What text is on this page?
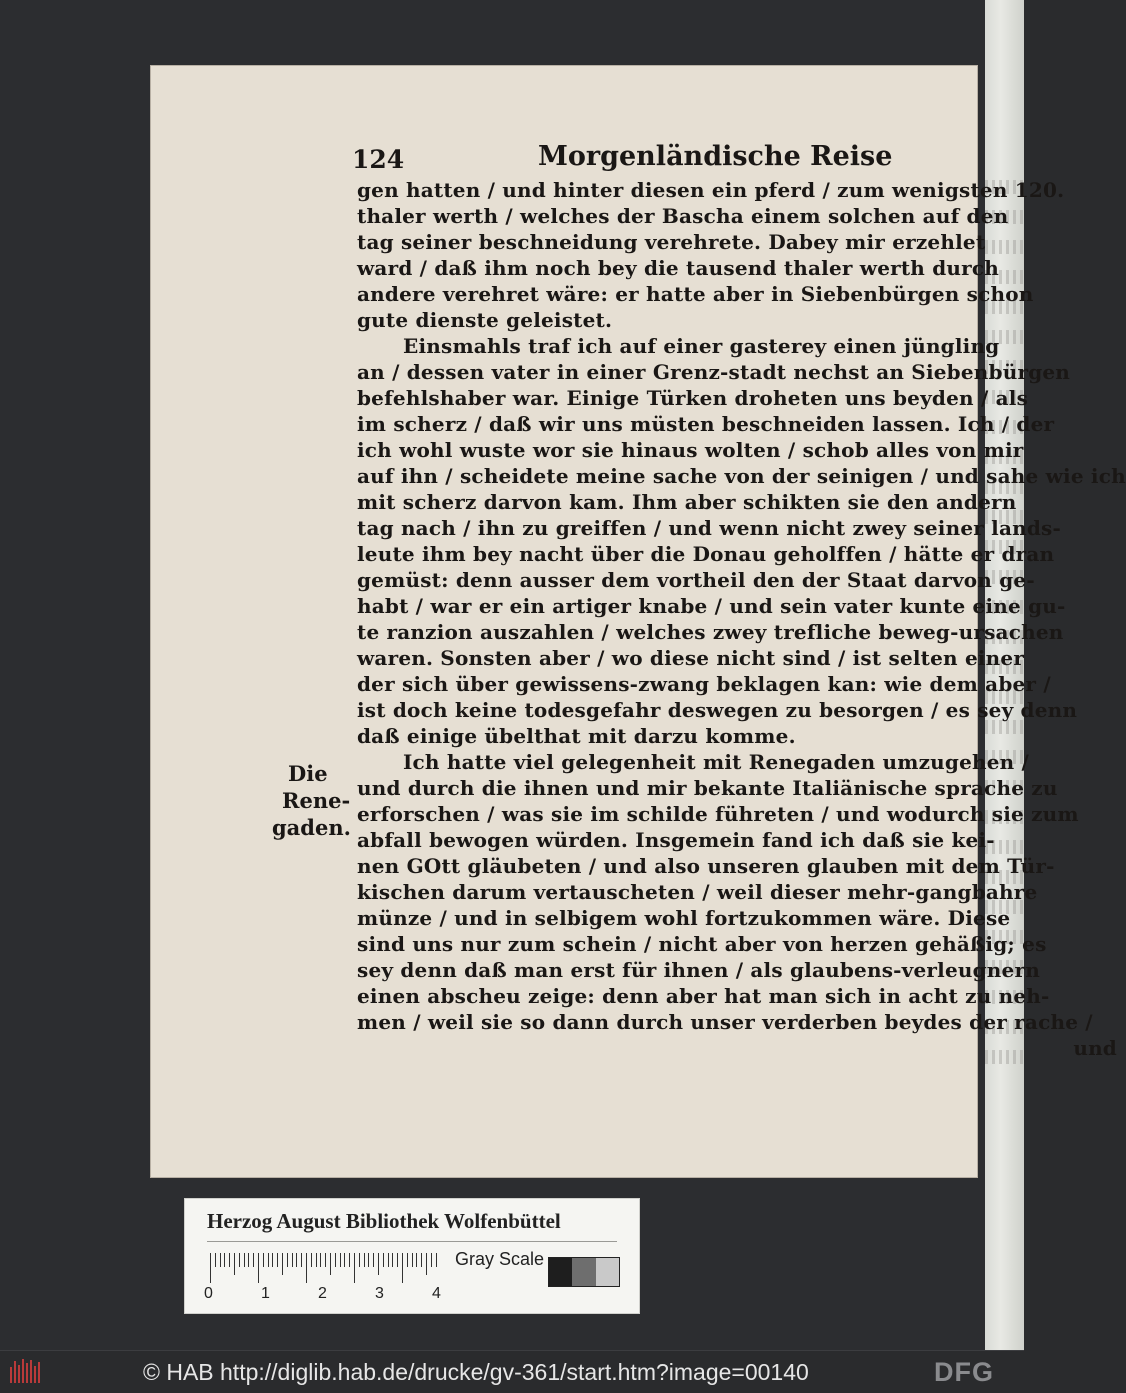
124	Morgenländische Reise
gen hatten / und hinter diesen ein pferd / zum wenigsten 120.
thaler werth / welches der Bascha einem solchen auf den
tag seiner beschneidung verehrete. Dabey mir erzehlet
ward / daß ihm noch bey die tausend thaler werth durch
andere verehret wäre: er hatte aber in Siebenbürgen schon
gute dienste geleistet.
Einsmahls traf ich auf einer gasterey einen jüngling
an / dessen vater in einer Grenz-stadt nechst an Siebenbürgen
befehlshaber war. Einige Türken droheten uns beyden / als
im scherz / daß wir uns müsten beschneiden lassen. Ich / der
ich wohl wuste wor sie hinaus wolten / schob alles von mir
auf ihn / scheidete meine sache von der seinigen / und sahe wie ich
mit scherz darvon kam. Ihm aber schikten sie den andern
tag nach / ihn zu greiffen / und wenn nicht zwey seiner lands-
leute ihm bey nacht über die Donau geholffen / hätte er dran
gemüst: denn ausser dem vortheil den der Staat darvon ge-
habt / war er ein artiger knabe / und sein vater kunte eine gu-
te ranzion auszahlen / welches zwey trefliche beweg-ursachen
waren. Sonsten aber / wo diese nicht sind / ist selten einer
der sich über gewissens-zwang beklagen kan: wie dem aber /
ist doch keine todesgefahr deswegen zu besorgen / es sey denn
daß einige übelthat mit darzu komme.
Ich hatte viel gelegenheit mit Renegaden umzugehen /
und durch die ihnen und mir bekante Italiänische sprache zu
erforschen / was sie im schilde führeten / und wodurch sie zum
abfall bewogen würden. Insgemein fand ich daß sie kei-
nen GOtt gläubeten / und also unseren glauben mit dem Tür-
kischen darum vertauscheten / weil dieser mehr-gangbahre
münze / und in selbigem wohl fortzukommen wäre. Diese
sind uns nur zum schein / nicht aber von herzen gehäßig; es
sey denn daß man erst für ihnen / als glaubens-verleugnern
einen abscheu zeige: denn aber hat man sich in acht zu neh-
men / weil sie so dann durch unser verderben beydes der rache /
und
Die
Rene-
gaden.
Herzog August Bibliothek Wolfenbüttel
0	1	2	3	4
Gray Scale
© HAB http://diglib.hab.de/drucke/gv-361/start.htm?image=00140	DFG
